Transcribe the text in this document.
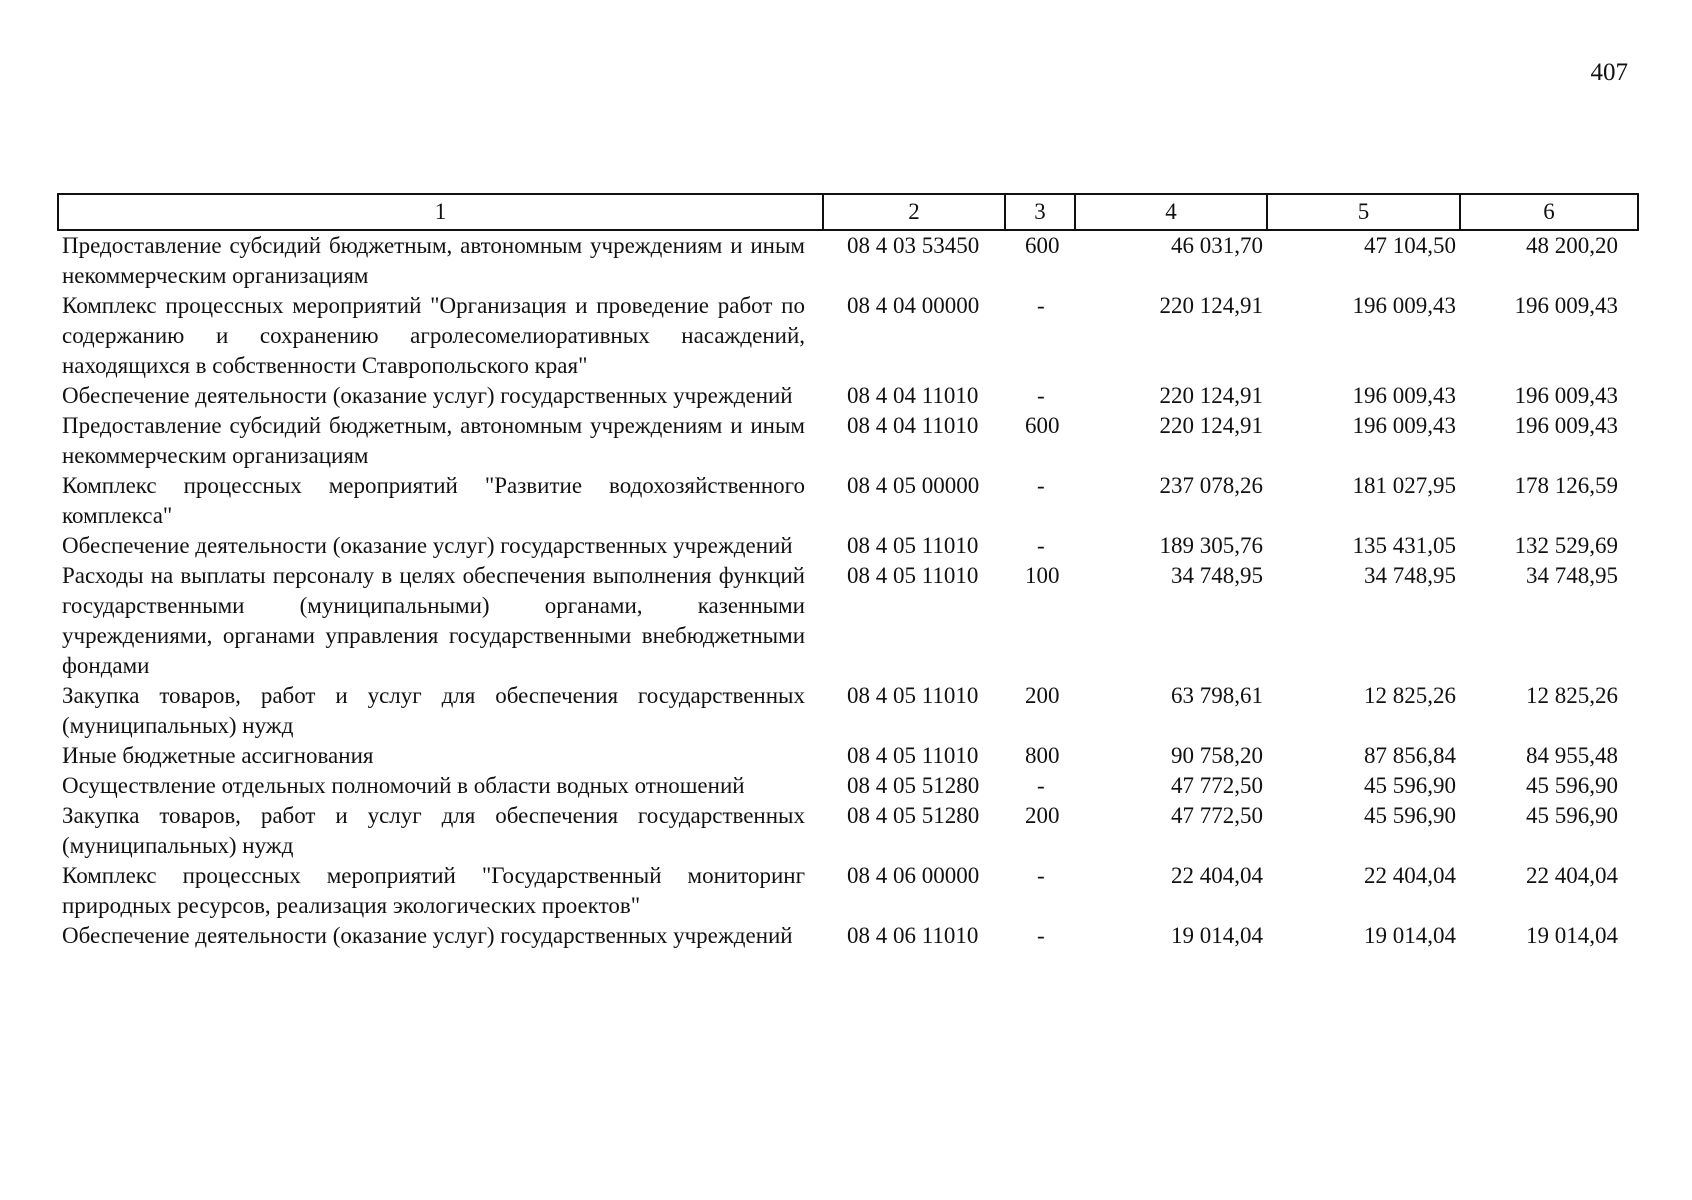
407
1	2	3	4	5	6
Предоставление субсидий бюджетным, автономным учреждениям и иным некоммерческим организациям	08 4 03 53450	600	46 031,70	47 104,50	48 200,20
Комплекс процессных мероприятий "Организация и проведение работ по содержанию и сохранению агролесомелиоративных насаждений, находящихся в собственности Ставропольского края"	08 4 04 00000	-	220 124,91	196 009,43	196 009,43
Обеспечение деятельности (оказание услуг) государственных учреждений	08 4 04 11010	-	220 124,91	196 009,43	196 009,43
Предоставление субсидий бюджетным, автономным учреждениям и иным некоммерческим организациям	08 4 04 11010	600	220 124,91	196 009,43	196 009,43
Комплекс процессных мероприятий "Развитие водохозяйственного комплекса"	08 4 05 00000	-	237 078,26	181 027,95	178 126,59
Обеспечение деятельности (оказание услуг) государственных учреждений	08 4 05 11010	-	189 305,76	135 431,05	132 529,69
Расходы на выплаты персоналу в целях обеспечения выполнения функций государственными (муниципальными) органами, казенными учреждениями, органами управления государственными внебюджетными фондами	08 4 05 11010	100	34 748,95	34 748,95	34 748,95
Закупка товаров, работ и услуг для обеспечения государственных (муниципальных) нужд	08 4 05 11010	200	63 798,61	12 825,26	12 825,26
Иные бюджетные ассигнования	08 4 05 11010	800	90 758,20	87 856,84	84 955,48
Осуществление отдельных полномочий в области водных отношений	08 4 05 51280	-	47 772,50	45 596,90	45 596,90
Закупка товаров, работ и услуг для обеспечения государственных (муниципальных) нужд	08 4 05 51280	200	47 772,50	45 596,90	45 596,90
Комплекс процессных мероприятий "Государственный мониторинг природных ресурсов, реализация экологических проектов"	08 4 06 00000	-	22 404,04	22 404,04	22 404,04
Обеспечение деятельности (оказание услуг) государственных учреждений	08 4 06 11010	-	19 014,04	19 014,04	19 014,04
